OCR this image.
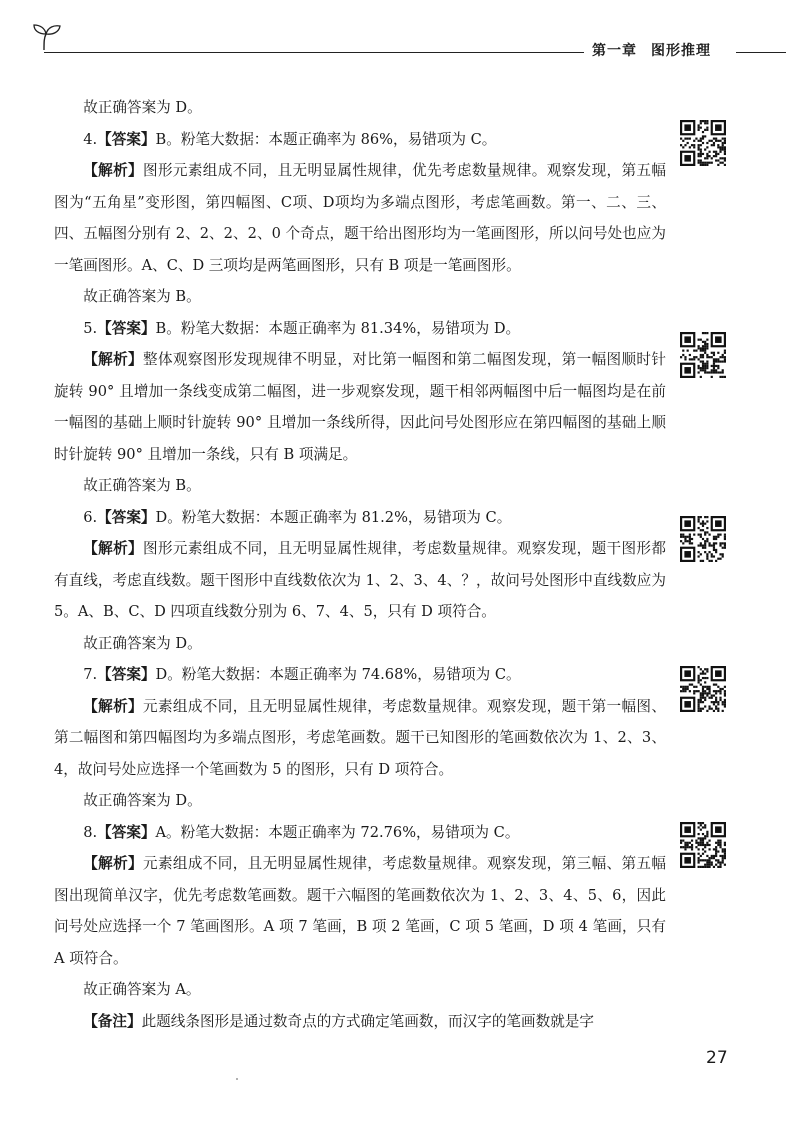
第一章 图形推理

故正确答案为 D。

4.【答案】B。粉笔大数据：本题正确率为 86%，易错项为 C。

【解析】图形元素组成不同，且无明显属性规律，优先考虑数量规律。观察发现，第五幅图为“五角星”变形图，第四幅图、C项、D项均为多端点图形，考虑笔画数。第一、二、三、四、五幅图分别有 2、2、2、2、0 个奇点，题干给出图形均为一笔画图形，所以问号处也应为一笔画图形。A、C、D 三项均是两笔画图形，只有 B 项是一笔画图形。

故正确答案为 B。

5.【答案】B。粉笔大数据：本题正确率为 81.34%，易错项为 D。

【解析】整体观察图形发现规律不明显，对比第一幅图和第二幅图发现，第一幅图顺时针旋转 90° 且增加一条线变成第二幅图，进一步观察发现，题干相邻两幅图中后一幅图均是在前一幅图的基础上顺时针旋转 90° 且增加一条线所得，因此问号处图形应在第四幅图的基础上顺时针旋转 90° 且增加一条线，只有 B 项满足。

故正确答案为 B。

6.【答案】D。粉笔大数据：本题正确率为 81.2%，易错项为 C。

【解析】图形元素组成不同，且无明显属性规律，考虑数量规律。观察发现，题干图形都有直线，考虑直线数。题干图形中直线数依次为 1、2、3、4、？，故问号处图形中直线数应为 5。A、B、C、D 四项直线数分别为 6、7、4、5，只有 D 项符合。

故正确答案为 D。

7.【答案】D。粉笔大数据：本题正确率为 74.68%，易错项为 C。

【解析】元素组成不同，且无明显属性规律，考虑数量规律。观察发现，题干第一幅图、第二幅图和第四幅图均为多端点图形，考虑笔画数。题干已知图形的笔画数依次为 1、2、3、4，故问号处应选择一个笔画数为 5 的图形，只有 D 项符合。

故正确答案为 D。

8.【答案】A。粉笔大数据：本题正确率为 72.76%，易错项为 C。

【解析】元素组成不同，且无明显属性规律，考虑数量规律。观察发现，第三幅、第五幅图出现简单汉字，优先考虑数笔画数。题干六幅图的笔画数依次为 1、2、3、4、5、6，因此问号处应选择一个 7 笔画图形。A 项 7 笔画，B 项 2 笔画，C 项 5 笔画，D 项 4 笔画，只有 A 项符合。

故正确答案为 A。

【备注】此题线条图形是通过数奇点的方式确定笔画数，而汉字的笔画数就是字

27
